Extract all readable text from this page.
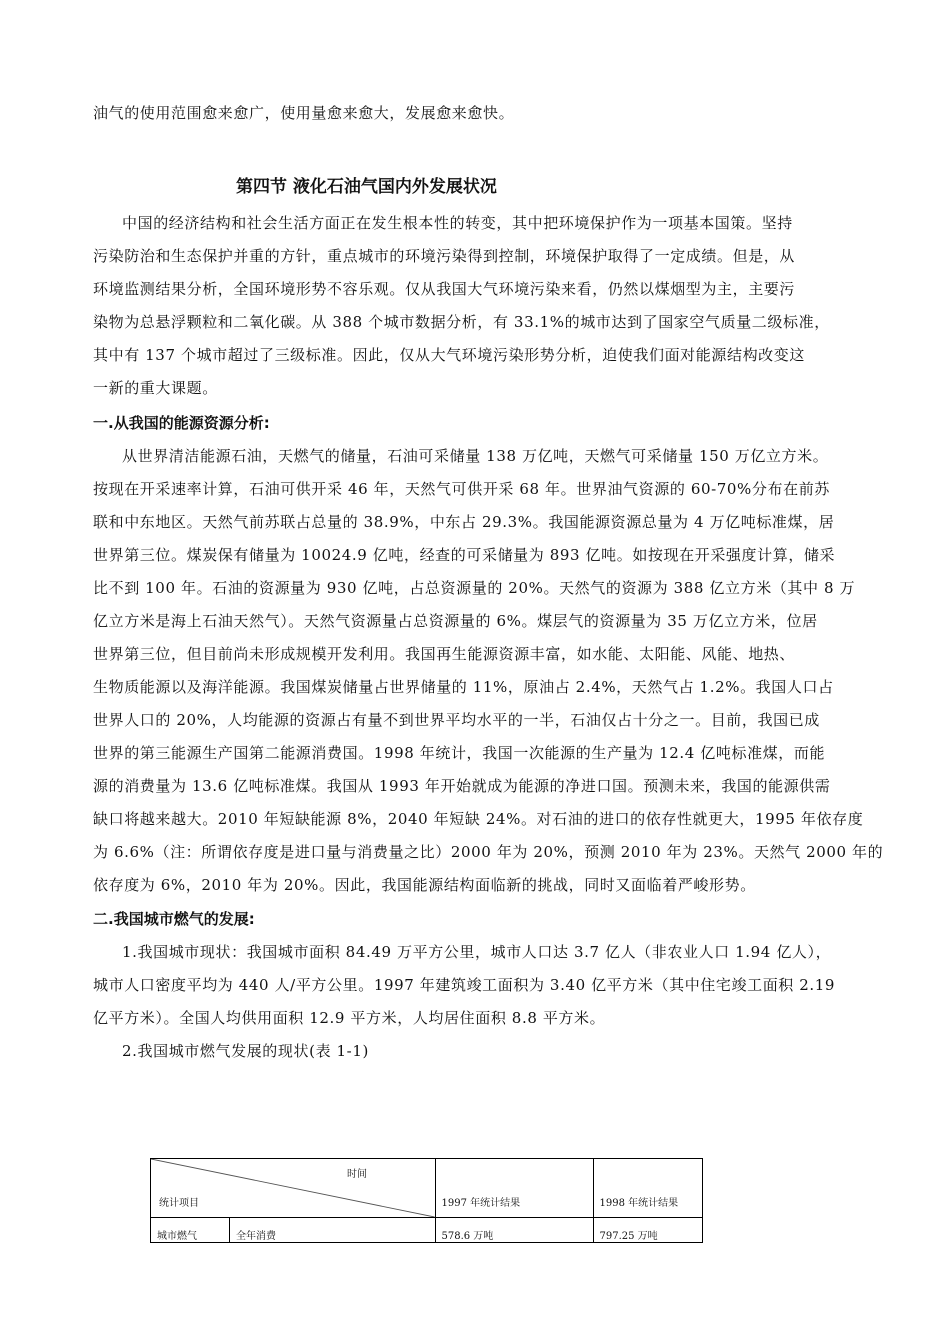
油气的使用范围愈来愈广，使用量愈来愈大，发展愈来愈快。
第四节 液化石油气国内外发展状况
中国的经济结构和社会生活方面正在发生根本性的转变，其中把环境保护作为一项基本国策。坚持
污染防治和生态保护并重的方针，重点城市的环境污染得到控制，环境保护取得了一定成绩。但是，从
环境监测结果分析，全国环境形势不容乐观。仅从我国大气环境污染来看，仍然以煤烟型为主，主要污
染物为总悬浮颗粒和二氧化碳。从 388 个城市数据分析，有 33.1%的城市达到了国家空气质量二级标准，
其中有 137 个城市超过了三级标准。因此，仅从大气环境污染形势分析，迫使我们面对能源结构改变这
一新的重大课题。
一.从我国的能源资源分析:
从世界清洁能源石油，天燃气的储量，石油可采储量 138 万亿吨，天燃气可采储量 150 万亿立方米。
按现在开采速率计算，石油可供开采 46 年，天然气可供开采 68 年。世界油气资源的 60-70%分布在前苏
联和中东地区。天然气前苏联占总量的 38.9%，中东占 29.3%。我国能源资源总量为 4 万亿吨标准煤，居
世界第三位。煤炭保有储量为 10024.9 亿吨，经查的可采储量为 893 亿吨。如按现在开采强度计算，储采
比不到 100 年。石油的资源量为 930 亿吨，占总资源量的 20%。天然气的资源为 388 亿立方米（其中 8 万
亿立方米是海上石油天然气）。天然气资源量占总资源量的 6%。煤层气的资源量为 35 万亿立方米，位居
世界第三位，但目前尚未形成规模开发利用。我国再生能源资源丰富，如水能、太阳能、风能、地热、
生物质能源以及海洋能源。我国煤炭储量占世界储量的 11%，原油占 2.4%，天然气占 1.2%。我国人口占
世界人口的 20%，人均能源的资源占有量不到世界平均水平的一半，石油仅占十分之一。目前，我国已成
世界的第三能源生产国第二能源消费国。1998 年统计，我国一次能源的生产量为 12.4 亿吨标准煤，而能
源的消费量为 13.6 亿吨标准煤。我国从 1993 年开始就成为能源的净进口国。预测未来，我国的能源供需
缺口将越来越大。2010 年短缺能源 8%，2040 年短缺 24%。对石油的进口的依存性就更大，1995 年依存度
为 6.6%（注：所谓依存度是进口量与消费量之比）2000 年为 20%，预测 2010 年为 23%。天然气 2000 年的
依存度为 6%，2010 年为 20%。因此，我国能源结构面临新的挑战，同时又面临着严峻形势。
二.我国城市燃气的发展:
1.我国城市现状：我国城市面积 84.49 万平方公里，城市人口达 3.7 亿人（非农业人口 1.94 亿人），
城市人口密度平均为 440 人/平方公里。1997 年建筑竣工面积为 3.40 亿平方米（其中住宅竣工面积 2.19
亿平方米）。全国人均供用面积 12.9 平方米，人均居住面积 8.8 平方米。
2.我国城市燃气发展的现状(表 1-1)
时间
统计项目		1997 年统计结果	1998 年统计结果
城市燃气	全年消费	578.6 万吨	797.25 万吨
